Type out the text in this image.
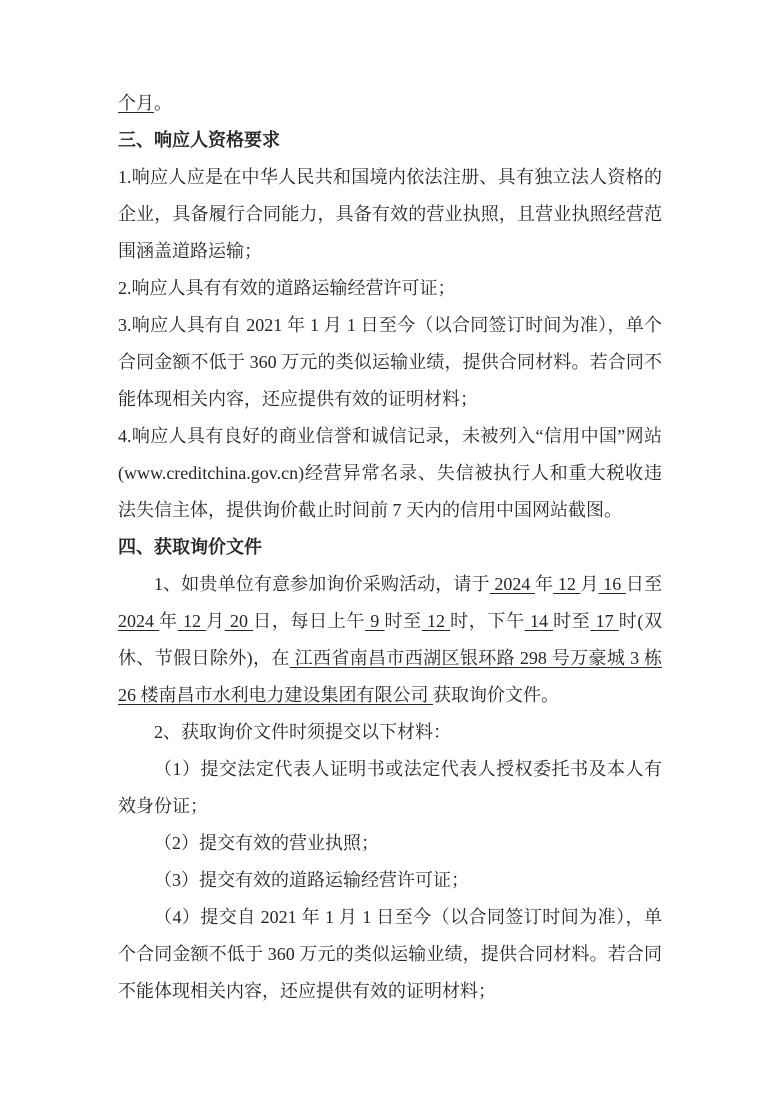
个月。

三、响应人资格要求

1.响应人应是在中华人民共和国境内依法注册、具有独立法人资格的企业，具备履行合同能力，具备有效的营业执照，且营业执照经营范围涵盖道路运输；

2.响应人具有有效的道路运输经营许可证；

3.响应人具有自 2021 年 1 月 1 日至今（以合同签订时间为准），单个合同金额不低于 360 万元的类似运输业绩，提供合同材料。若合同不能体现相关内容，还应提供有效的证明材料；

4.响应人具有良好的商业信誉和诚信记录，未被列入“信用中国”网站(www.creditchina.gov.cn)经营异常名录、失信被执行人和重大税收违法失信主体，提供询价截止时间前 7 天内的信用中国网站截图。

四、获取询价文件

1、如贵单位有意参加询价采购活动，请于 2024 年 12 月 16 日至 2024 年 12 月 20 日，每日上午 9 时至 12 时，下午 14 时至 17 时(双休、节假日除外)，在 江西省南昌市西湖区银环路 298 号万豪城 3 栋 26 楼南昌市水利电力建设集团有限公司 获取询价文件。

2、获取询价文件时须提交以下材料：

（1）提交法定代表人证明书或法定代表人授权委托书及本人有效身份证；

（2）提交有效的营业执照；

（3）提交有效的道路运输经营许可证；

（4）提交自 2021 年 1 月 1 日至今（以合同签订时间为准），单个合同金额不低于 360 万元的类似运输业绩，提供合同材料。若合同不能体现相关内容，还应提供有效的证明材料；
